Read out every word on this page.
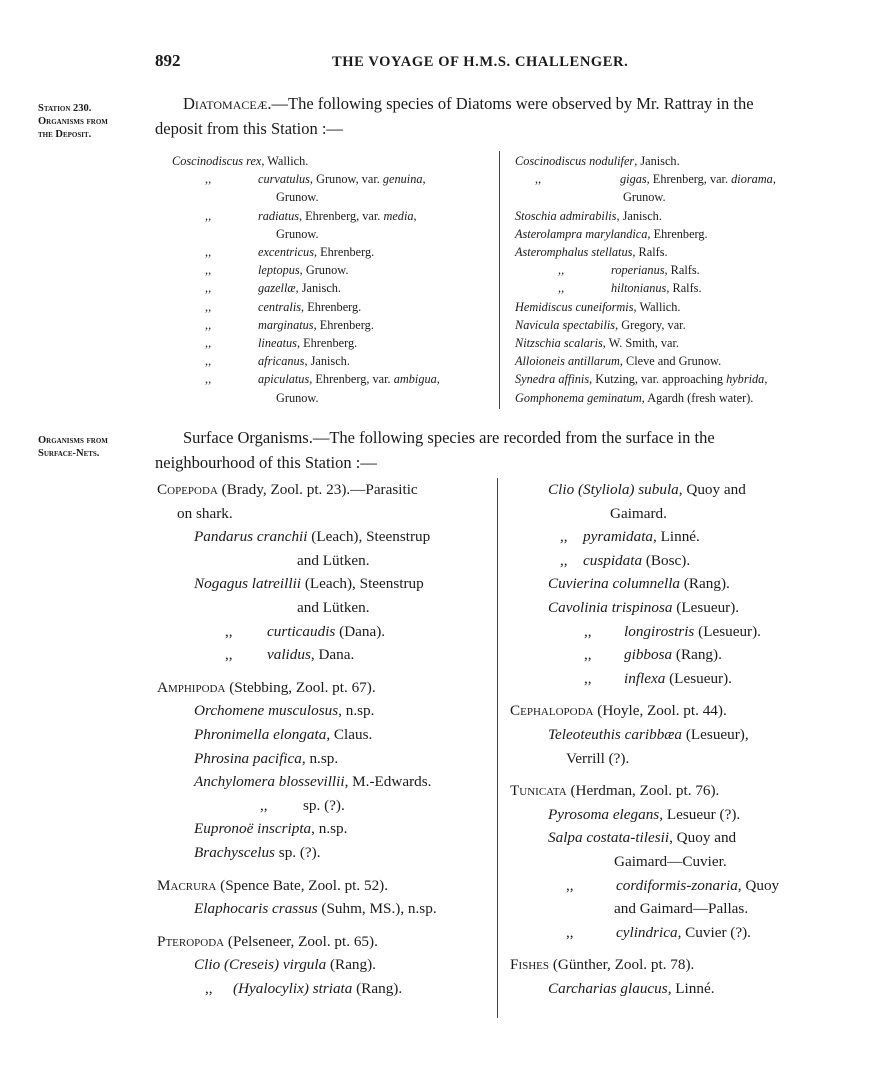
892	THE VOYAGE OF H.M.S. CHALLENGER.
Station 230.
Organisms from
the Deposit.
Organisms from
Surface-Nets.
Diatomaceæ.—The following species of Diatoms were observed by Mr. Rattray in the
deposit from this Station :—
Coscinodiscus rex, Wallich.
,,	curvatulus, Grunow, var. genuina,
Grunow.
,,	radiatus, Ehrenberg, var. media,
Grunow.
,,	excentricus, Ehrenberg.
,,	leptopus, Grunow.
,,	gazellæ, Janisch.
,,	centralis, Ehrenberg.
,,	marginatus, Ehrenberg.
,,	lineatus, Ehrenberg.
,,	africanus, Janisch.
,,	apiculatus, Ehrenberg, var. ambigua,
Grunow.
Coscinodiscus nodulifer, Janisch.
,,	gigas, Ehrenberg, var. diorama,
Grunow.
Stoschia admirabilis, Janisch.
Asterolampra marylandica, Ehrenberg.
Asteromphalus stellatus, Ralfs.
,,	roperianus, Ralfs.
,,	hiltonianus, Ralfs.
Hemidiscus cuneiformis, Wallich.
Navicula spectabilis, Gregory, var.
Nitzschia scalaris, W. Smith, var.
Alloioneis antillarum, Cleve and Grunow.
Synedra affinis, Kutzing, var. approaching hybrida,
Gomphonema geminatum, Agardh (fresh water).
Surface Organisms.—The following species are recorded from the surface in the
neighbourhood of this Station :—
Copepoda (Brady, Zool. pt. 23).—Parasitic
on shark.
Pandarus cranchii (Leach), Steenstrup
and Lütken.
Nogagus latreillii (Leach), Steenstrup
and Lütken.
,, curticaudis (Dana).
,, validus, Dana.
Amphipoda (Stebbing, Zool. pt. 67).
Orchomene musculosus, n.sp.
Phronimella elongata, Claus.
Phrosina pacifica, n.sp.
Anchylomera blossevillii, M.-Edwards.
,, sp. (?).
Eupronoë inscripta, n.sp.
Brachyscelus sp. (?).
Macrura (Spence Bate, Zool. pt. 52).
Elaphocaris crassus (Suhm, MS.), n.sp.
Pteropoda (Pelseneer, Zool. pt. 65).
Clio (Creseis) virgula (Rang).
,, (Hyalocylix) striata (Rang).
Clio (Styliola) subula, Quoy and
Gaimard.
,, pyramidata, Linné.
,, cuspidata (Bosc).
Cuvierina columnella (Rang).
Cavolinia trispinosa (Lesueur).
,, longirostris (Lesueur).
,, gibbosa (Rang).
,, inflexa (Lesueur).
Cephalopoda (Hoyle, Zool. pt. 44).
Teleoteuthis caribbæa (Lesueur),
Verrill (?).
Tunicata (Herdman, Zool. pt. 76).
Pyrosoma elegans, Lesueur (?).
Salpa costata-tilesii, Quoy and
Gaimard—Cuvier.
,,	cordiformis-zonaria, Quoy
and Gaimard—Pallas.
,,	cylindrica, Cuvier (?).
Fishes (Günther, Zool. pt. 78).
Carcharias glaucus, Linné.
